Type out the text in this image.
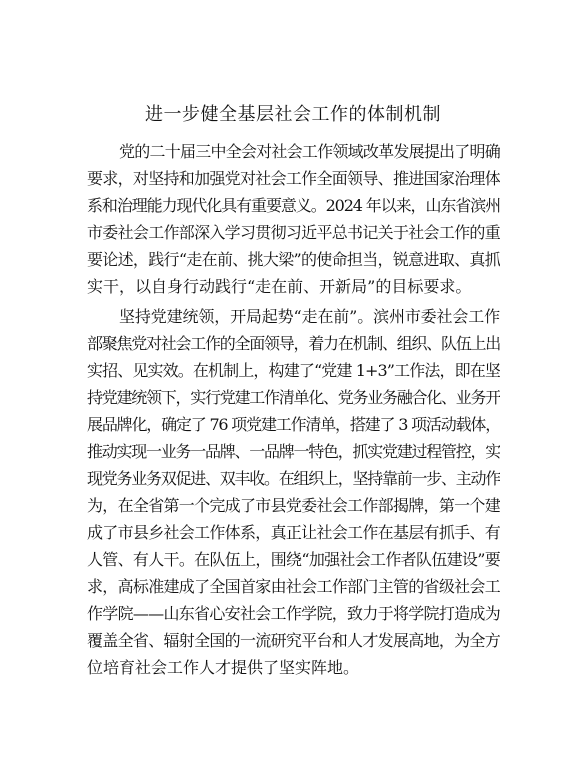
进一步健全基层社会工作的体制机制
党的二十届三中全会对社会工作领域改革发展提出了明确
要求，对坚持和加强党对社会工作全面领导、推进国家治理体
系和治理能力现代化具有重要意义。2024 年以来，山东省滨州
市委社会工作部深入学习贯彻习近平总书记关于社会工作的重
要论述，践行“走在前、挑大梁”的使命担当，锐意进取、真抓
实干，以自身行动践行“走在前、开新局”的目标要求。
坚持党建统领，开局起势“走在前”。滨州市委社会工作
部聚焦党对社会工作的全面领导，着力在机制、组织、队伍上出
实招、见实效。在机制上，构建了“党建 1+3”工作法，即在坚
持党建统领下，实行党建工作清单化、党务业务融合化、业务开
展品牌化，确定了 76 项党建工作清单，搭建了 3 项活动载体，
推动实现一业务一品牌、一品牌一特色，抓实党建过程管控，实
现党务业务双促进、双丰收。在组织上，坚持靠前一步、主动作
为，在全省第一个完成了市县党委社会工作部揭牌，第一个建
成了市县乡社会工作体系，真正让社会工作在基层有抓手、有
人管、有人干。在队伍上，围绕“加强社会工作者队伍建设”要
求，高标准建成了全国首家由社会工作部门主管的省级社会工
作学院——山东省心安社会工作学院，致力于将学院打造成为
覆盖全省、辐射全国的一流研究平台和人才发展高地，为全方
位培育社会工作人才提供了坚实阵地。
